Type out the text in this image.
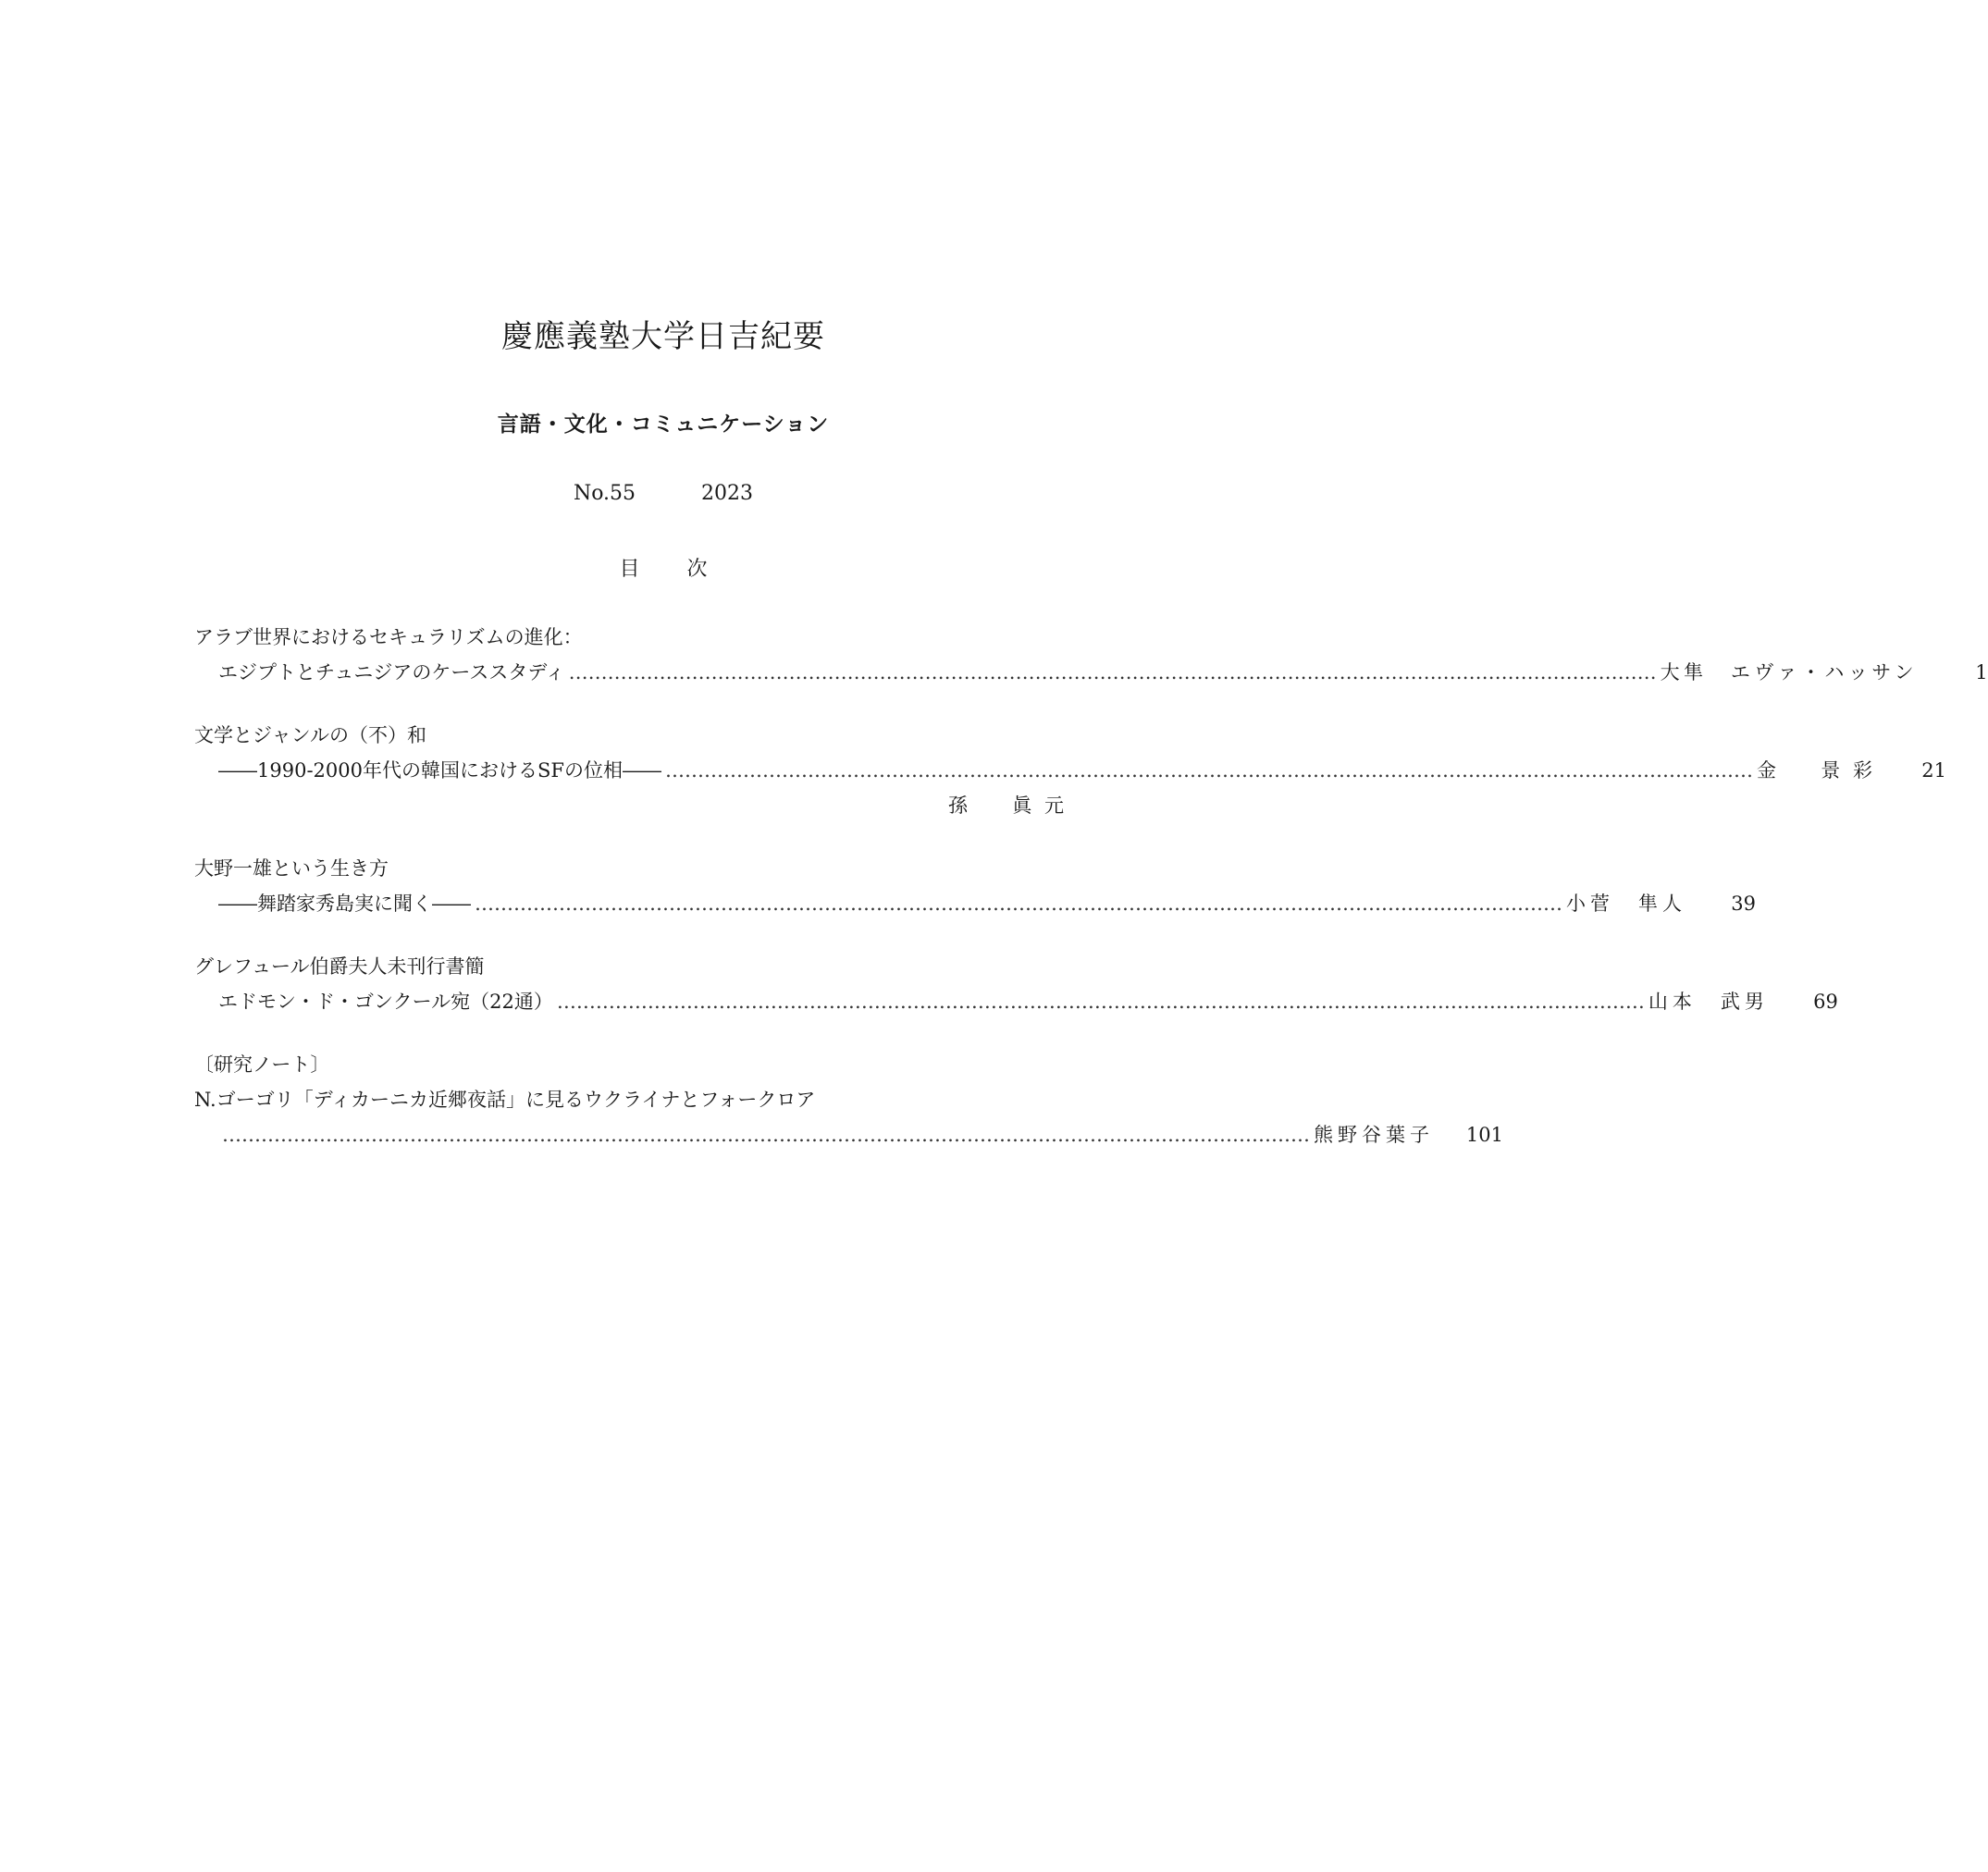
慶應義塾大学日吉紀要
言語・文化・コミュニケーション
No.55	2023
目 次
アラブ世界におけるセキュラリズムの進化：
エジプトとチュニジアのケーススタディ …………………………………………………………………………………………………………………………………………………… 大隼　エヴァ・ハッサン	1
文学とジャンルの（不）和
――1990‑2000年代の韓国におけるSFの位相―― …………………………………………………………………………………………………………………………………………………… 金　景彩	21
孫　眞元
大野一雄という生き方
――舞踏家秀島実に聞く―― …………………………………………………………………………………………………………………………………………………… 小菅　隼人	39
グレフュール伯爵夫人未刊行書簡
エドモン・ド・ゴンクール宛（22通） …………………………………………………………………………………………………………………………………………………… 山本　武男	69
〔研究ノート〕
N.ゴーゴリ「ディカーニカ近郷夜話」に見るウクライナとフォークロア
…………………………………………………………………………………………………………………………………………………… 熊野谷葉子	101
